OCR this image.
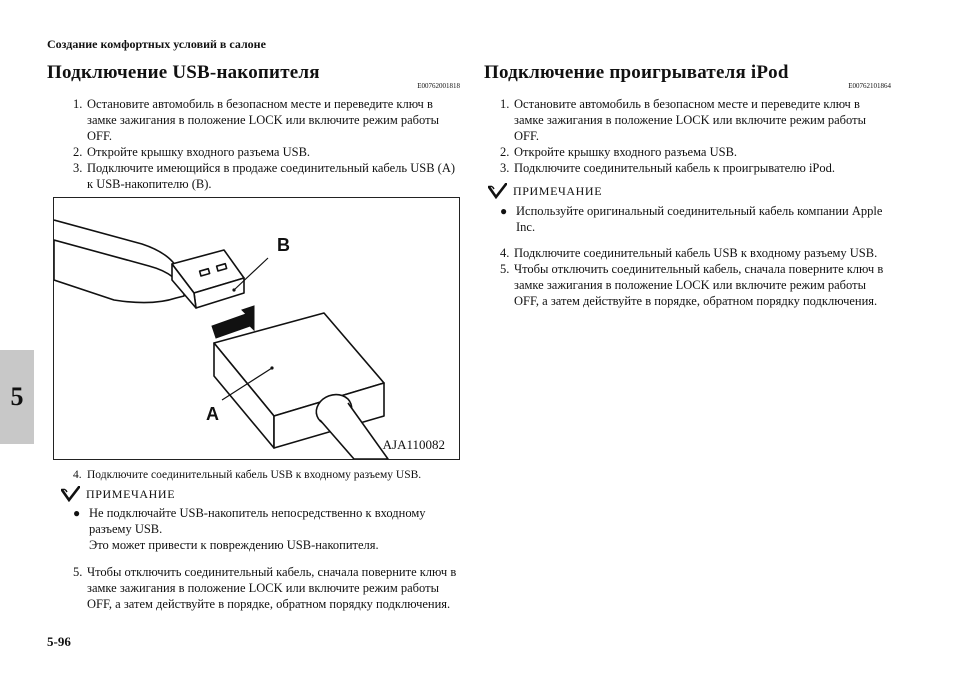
Создание комфортных условий в салоне
5
5-96
Подключение USB-накопителя
E00762001818
1. Остановите автомобиль в безопасном месте и переведите ключ в замке зажигания в положение LOCK или включите режим работы OFF.
2. Откройте крышку входного разъема USB.
3. Подключите имеющийся в продаже соединительный кабель USB (A) к USB-накопителю (B).
B
A
AJA110082
4. Подключите соединительный кабель USB к входному разъему USB.
ПРИМЕЧАНИЕ
● Не подключайте USB-накопитель непосредственно к входному разъему USB.
Это может привести к повреждению USB-накопителя.
5. Чтобы отключить соединительный кабель, сначала поверните ключ в замке зажигания в положение LOCK или включите режим работы OFF, а затем действуйте в порядке, обратном порядку подключения.
Подключение проигрывателя iPod
E00762101864
1. Остановите автомобиль в безопасном месте и переведите ключ в замке зажигания в положение LOCK или включите режим работы OFF.
2. Откройте крышку входного разъема USB.
3. Подключите соединительный кабель к проигрывателю iPod.
ПРИМЕЧАНИЕ
● Используйте оригинальный соединительный кабель компании Apple Inc.
4. Подключите соединительный кабель USB к входному разъему USB.
5. Чтобы отключить соединительный кабель, сначала поверните ключ в замке зажигания в положение LOCK или включите режим работы OFF, а затем действуйте в порядке, обратном порядку подключения.
